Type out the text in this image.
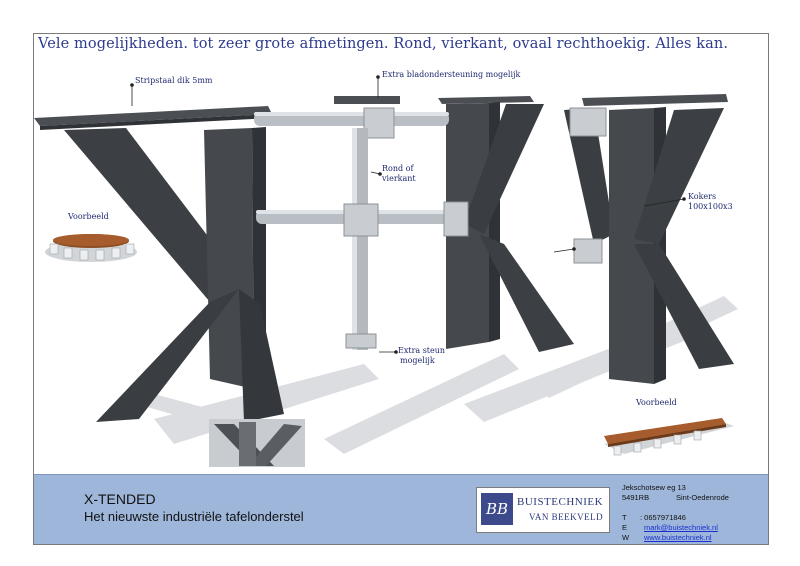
Vele mogelijkheden. tot zeer grote afmetingen. Rond, vierkant, ovaal rechthoekig. Alles kan.
Stripstaal dik 5mm
Extra bladondersteuning mogelijk
Rond of
vierkant
Voorbeeld
Kokers
100x100x3
Extra steun
mogelijk
Voorbeeld
X-TENDED
Het nieuwste industriële tafelonderstel	BB BUISTECHNIEK
VAN BEEKVELD
Jekschotsew eg 13
5491RB	Sint-Oedenrode
T : 0657971846
E mark@buistechniek.nl
W www.buistechniek.nl
